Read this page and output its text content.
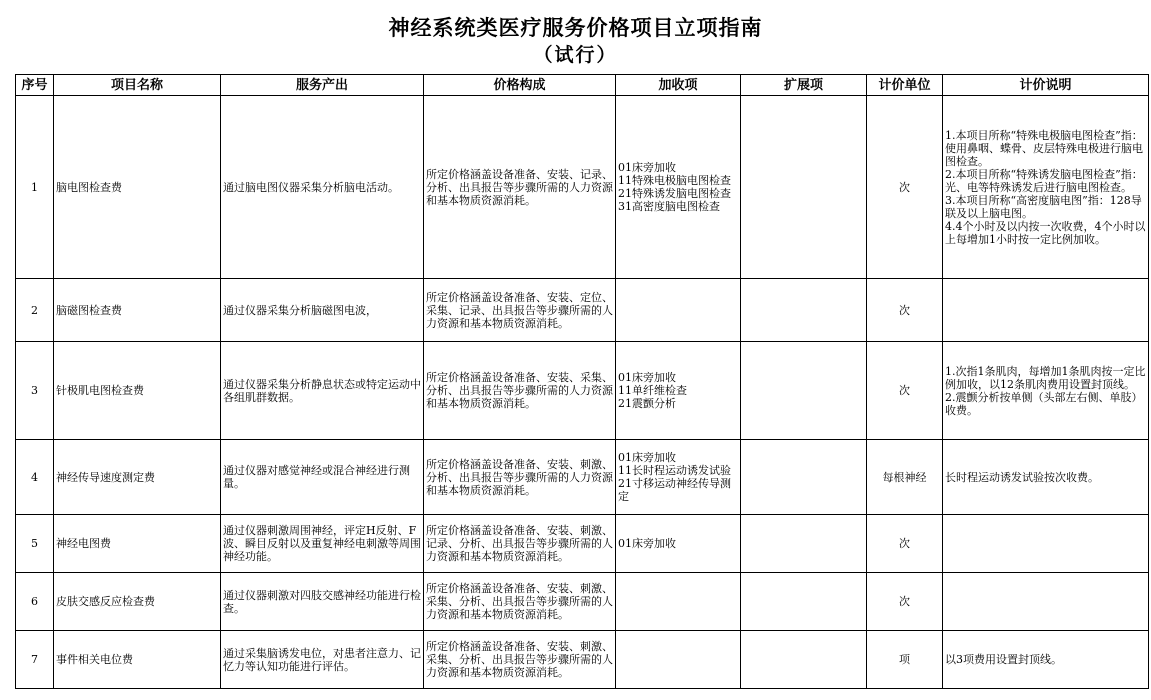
神经系统类医疗服务价格项目立项指南
（试行）
序号	项目名称	服务产出	价格构成	加收项	扩展项	计价单位	计价说明
1	脑电图检查费	通过脑电图仪器采集分析脑电活动。	所定价格涵盖设备准备、安装、记录、分析、出具报告等步骤所需的人力资源和基本物质资源消耗。	01床旁加收
11特殊电极脑电图检查
21特殊诱发脑电图检查
31高密度脑电图检查		次	1.本项目所称“特殊电极脑电图检查”指：使用鼻咽、蝶骨、皮层特殊电极进行脑电图检查。
2.本项目所称“特殊诱发脑电图检查”指：光、电等特殊诱发后进行脑电图检查。
3.本项目所称“高密度脑电图”指：128导联及以上脑电图。
4.4个小时及以内按一次收费，4个小时以上每增加1小时按一定比例加收。
2	脑磁图检查费	通过仪器采集分析脑磁图电波，	所定价格涵盖设备准备、安装、定位、采集、记录、出具报告等步骤所需的人力资源和基本物质资源消耗。			次	
3	针极肌电图检查费	通过仪器采集分析静息状态或特定运动中各组肌群数据。	所定价格涵盖设备准备、安装、采集、分析、出具报告等步骤所需的人力资源和基本物质资源消耗。	01床旁加收
11单纤维检查
21震颤分析		次	1.次指1条肌肉，每增加1条肌肉按一定比例加收，以12条肌肉费用设置封顶线。
2.震颤分析按单侧（头部左右侧、单肢）收费。
4	神经传导速度测定费	通过仪器对感觉神经或混合神经进行测量。	所定价格涵盖设备准备、安装、刺激、分析、出具报告等步骤所需的人力资源和基本物质资源消耗。	01床旁加收
11长时程运动诱发试验
21寸移运动神经传导测定		每根神经	长时程运动诱发试验按次收费。
5	神经电图费	通过仪器刺激周围神经，评定H反射、F波、瞬目反射以及重复神经电刺激等周围神经功能。	所定价格涵盖设备准备、安装、刺激、记录、分析、出具报告等步骤所需的人力资源和基本物质资源消耗。	01床旁加收		次	
6	皮肤交感反应检查费	通过仪器刺激对四肢交感神经功能进行检查。	所定价格涵盖设备准备、安装、刺激、采集、分析、出具报告等步骤所需的人力资源和基本物质资源消耗。			次	
7	事件相关电位费	通过采集脑诱发电位，对患者注意力、记忆力等认知功能进行评估。	所定价格涵盖设备准备、安装、刺激、采集、分析、出具报告等步骤所需的人力资源和基本物质资源消耗。			项	以3项费用设置封顶线。
